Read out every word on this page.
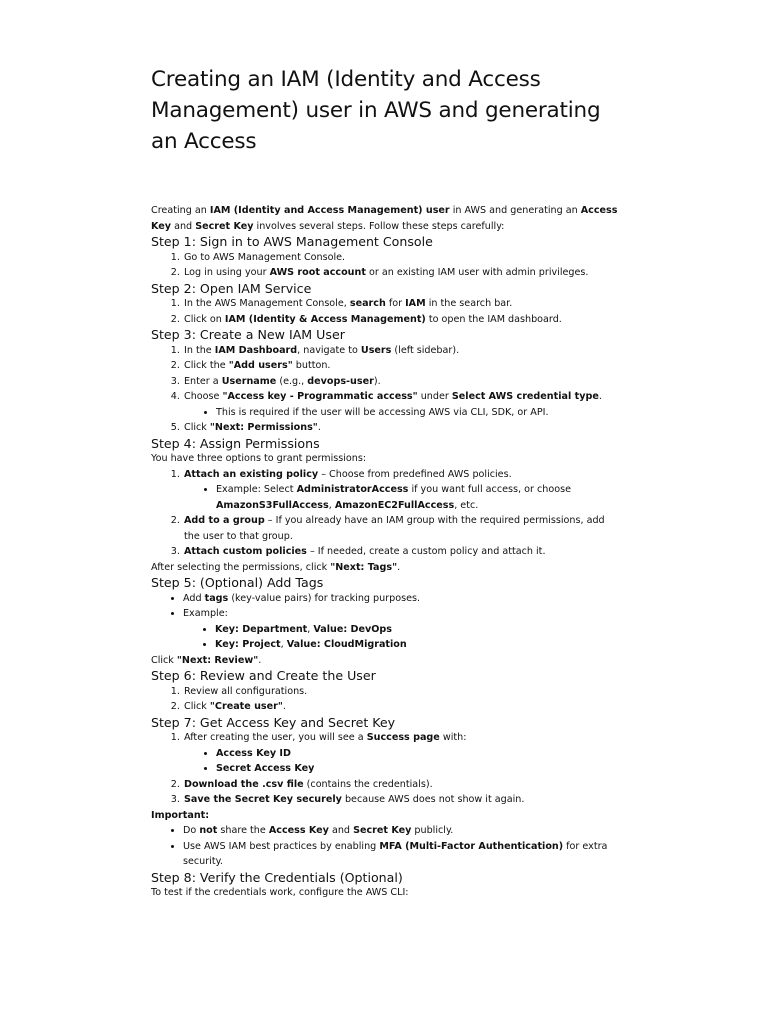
Creating an IAM (Identity and Access Management) user in AWS and generating an Access

Creating an IAM (Identity and Access Management) user in AWS and generating an Access Key and Secret Key involves several steps. Follow these steps carefully:

Step 1: Sign in to AWS Management Console
1. Go to AWS Management Console.
2. Log in using your AWS root account or an existing IAM user with admin privileges.
Step 2: Open IAM Service
1. In the AWS Management Console, search for IAM in the search bar.
2. Click on IAM (Identity & Access Management) to open the IAM dashboard.
Step 3: Create a New IAM User
1. In the IAM Dashboard, navigate to Users (left sidebar).
2. Click the "Add users" button.
3. Enter a Username (e.g., devops-user).
4. Choose "Access key - Programmatic access" under Select AWS credential type.
• This is required if the user will be accessing AWS via CLI, SDK, or API.
5. Click "Next: Permissions".
Step 4: Assign Permissions

You have three options to grant permissions:

1. Attach an existing policy – Choose from predefined AWS policies.
• Example: Select AdministratorAccess if you want full access, or choose AmazonS3FullAccess, AmazonEC2FullAccess, etc.
2. Add to a group – If you already have an IAM group with the required permissions, add the user to that group.
3. Attach custom policies – If needed, create a custom policy and attach it.

After selecting the permissions, click "Next: Tags".

Step 5: (Optional) Add Tags
• Add tags (key-value pairs) for tracking purposes.
• Example:
• Key: Department, Value: DevOps
• Key: Project, Value: CloudMigration

Click "Next: Review".

Step 6: Review and Create the User
1. Review all configurations.
2. Click "Create user".
Step 7: Get Access Key and Secret Key
1. After creating the user, you will see a Success page with:
• Access Key ID
• Secret Access Key
2. Download the .csv file (contains the credentials).
3. Save the Secret Key securely because AWS does not show it again.

Important:

• Do not share the Access Key and Secret Key publicly.
• Use AWS IAM best practices by enabling MFA (Multi-Factor Authentication) for extra security.
Step 8: Verify the Credentials (Optional)

To test if the credentials work, configure the AWS CLI:
